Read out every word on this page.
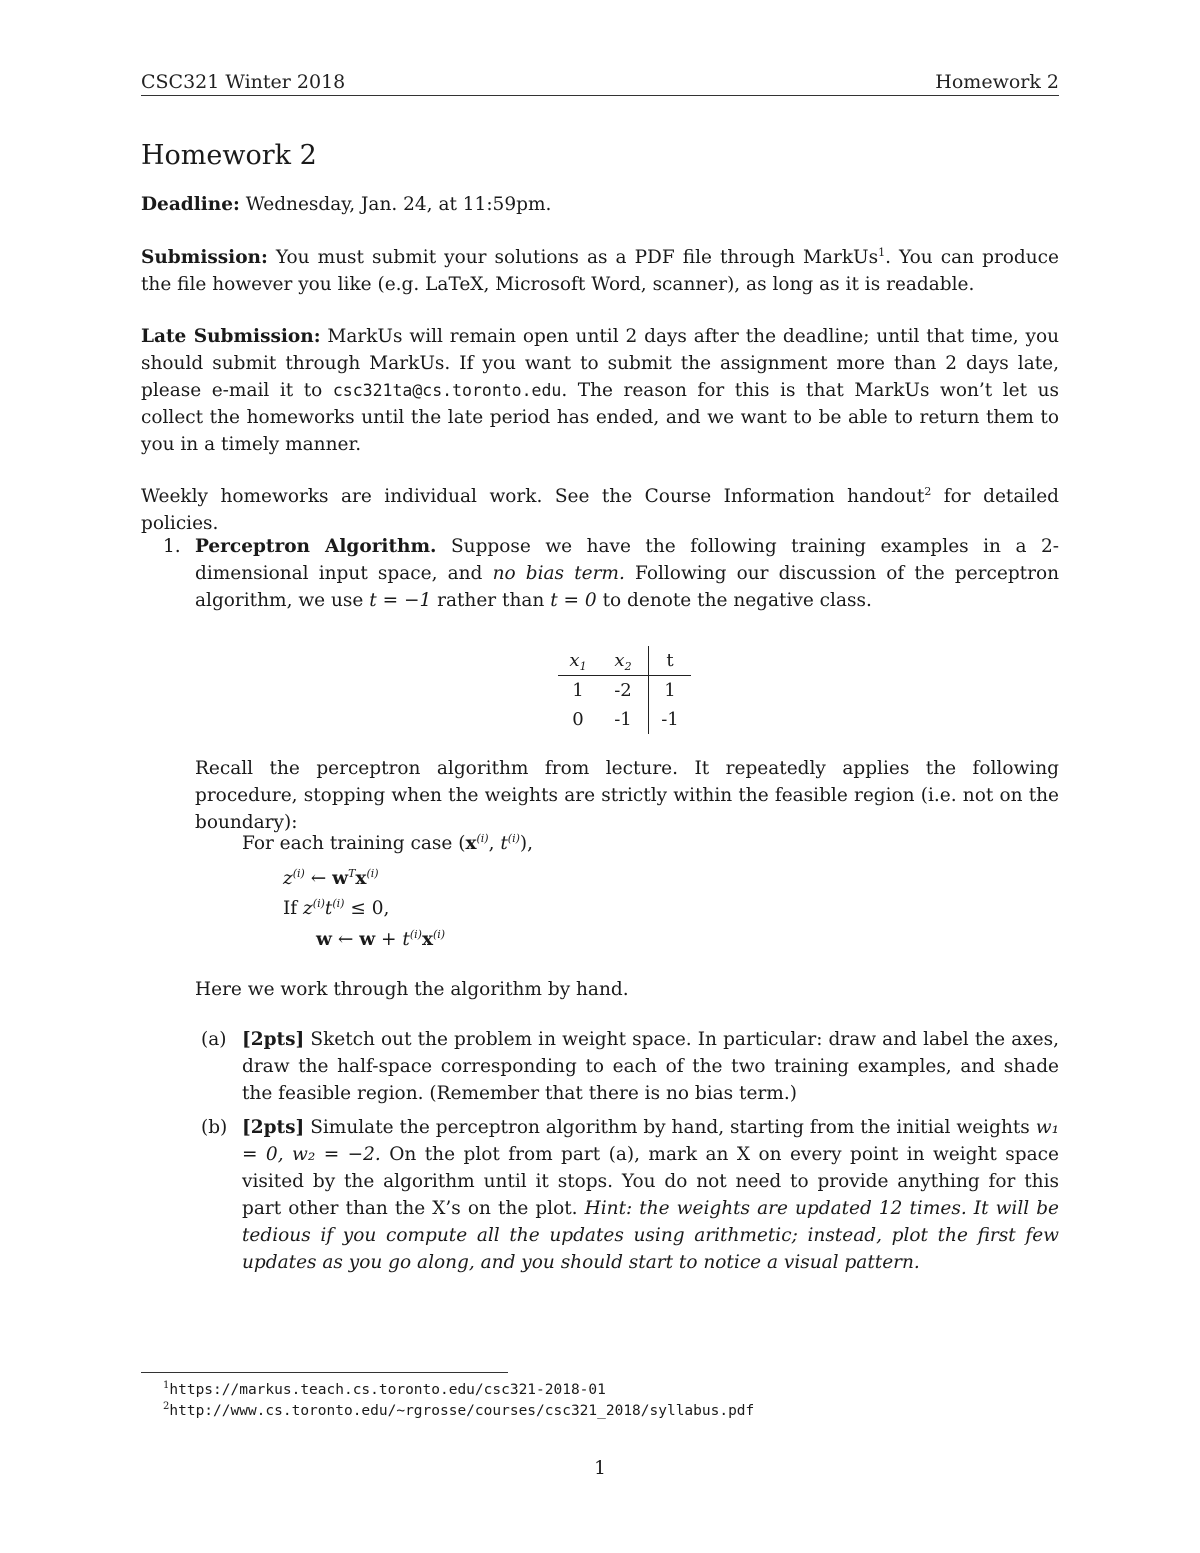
CSC321 Winter 2018	Homework 2
Homework 2
Deadline: Wednesday, Jan. 24, at 11:59pm.
Submission: You must submit your solutions as a PDF file through MarkUs$^1$. You can produce the file however you like (e.g. LaTeX, Microsoft Word, scanner), as long as it is readable.
Late Submission: MarkUs will remain open until 2 days after the deadline; until that time, you should submit through MarkUs. If you want to submit the assignment more than 2 days late, please e-mail it to csc321ta@cs.toronto.edu. The reason for this is that MarkUs won’t let us collect the homeworks until the late period has ended, and we want to be able to return them to you in a timely manner.
Weekly homeworks are individual work. See the Course Information handout$^2$ for detailed policies.
1. Perceptron Algorithm. Suppose we have the following training examples in a 2-dimensional input space, and no bias term. Following our discussion of the perceptron algorithm, we use t = −1 rather than t = 0 to denote the negative class.
$x_1$	$x_2$	t
1	-2	1
0	-1	-1
Recall the perceptron algorithm from lecture. It repeatedly applies the following procedure, stopping when the weights are strictly within the feasible region (i.e. not on the boundary):
For each training case ($x^{(i)}$, $t^{(i)}$),
$z^{(i)}$ ← $w^Tx^{(i)}$
If $z^{(i)}t^{(i)} \le 0$,
w ← $w + t^{(i)}x^{(i)}$
Here we work through the algorithm by hand.
(a) [2pts] Sketch out the problem in weight space. In particular: draw and label the axes, draw the half-space corresponding to each of the two training examples, and shade the feasible region. (Remember that there is no bias term.)
(b) [2pts] Simulate the perceptron algorithm by hand, starting from the initial weights w₁ = 0, w₂ = −2. On the plot from part (a), mark an X on every point in weight space visited by the algorithm until it stops. You do not need to provide anything for this part other than the X’s on the plot. Hint: the weights are updated 12 times. It will be tedious if you compute all the updates using arithmetic; instead, plot the first few updates as you go along, and you should start to notice a visual pattern.
$^1$https://markus.teach.cs.toronto.edu/csc321-2018-01
$^2$http://www.cs.toronto.edu/~rgrosse/courses/csc321_2018/syllabus.pdf
1
